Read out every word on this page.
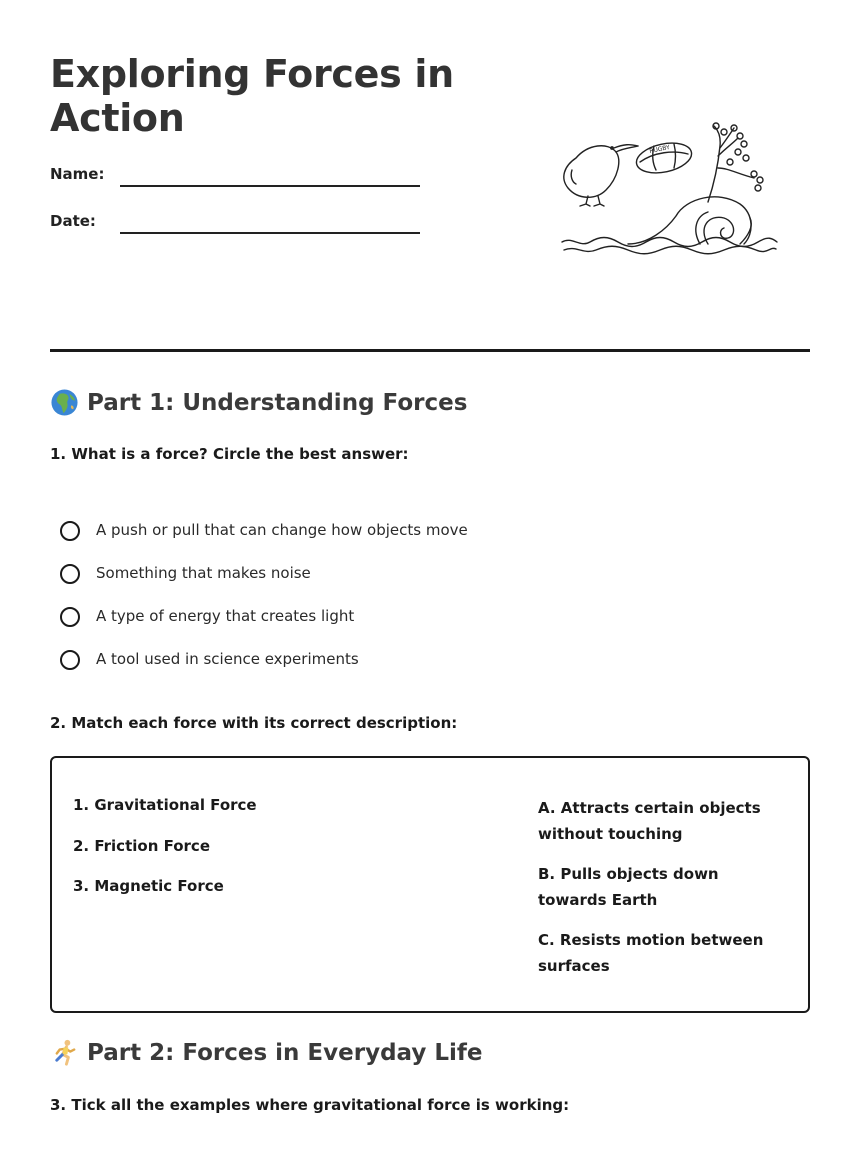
Exploring Forces in Action
Name:
Date:
RUGBY
Part 1: Understanding Forces
1. What is a force? Circle the best answer:
A push or pull that can change how objects move
Something that makes noise
A type of energy that creates light
A tool used in science experiments
2. Match each force with its correct description:
1. Gravitational Force
2. Friction Force
3. Magnetic Force
A. Attracts certain objects without touching
B. Pulls objects down towards Earth
C. Resists motion between surfaces
Part 2: Forces in Everyday Life
3. Tick all the examples where gravitational force is working:
